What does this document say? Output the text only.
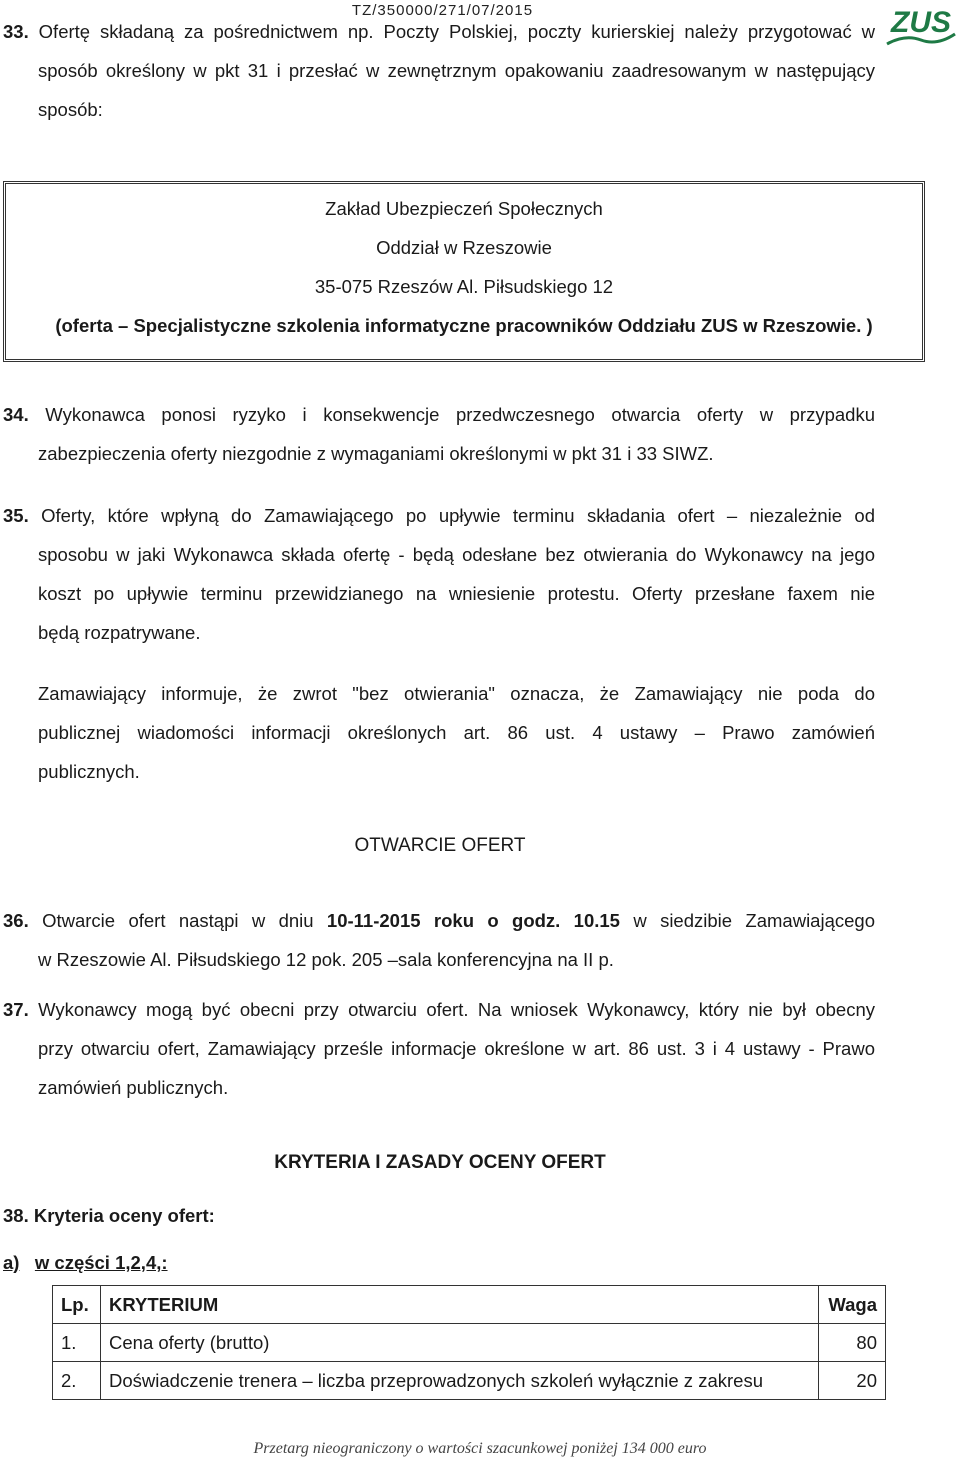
TZ/350000/271/07/2015	ZUS
33. Ofertę składaną za pośrednictwem np. Poczty Polskiej, poczty kurierskiej należy przygotować w
sposób określony w pkt 31 i przesłać w zewnętrznym opakowaniu zaadresowanym w następujący
sposób:
Zakład Ubezpieczeń Społecznych
Oddział w Rzeszowie
35-075 Rzeszów Al. Piłsudskiego 12
(oferta – Specjalistyczne szkolenia informatyczne pracowników Oddziału ZUS w Rzeszowie. )
34. Wykonawca ponosi ryzyko i konsekwencje przedwczesnego otwarcia oferty w przypadku
zabezpieczenia oferty niezgodnie z wymaganiami określonymi w pkt 31 i 33 SIWZ.
35. Oferty, które wpłyną do Zamawiającego po upływie terminu składania ofert – niezależnie od
sposobu w jaki Wykonawca składa ofertę - będą odesłane bez otwierania do Wykonawcy na jego
koszt po upływie terminu przewidzianego na wniesienie protestu. Oferty przesłane faxem nie
będą rozpatrywane.
Zamawiający informuje, że zwrot "bez otwierania" oznacza, że Zamawiający nie poda do
publicznej wiadomości informacji określonych art. 86 ust. 4 ustawy – Prawo zamówień
publicznych.
OTWARCIE OFERT
36. Otwarcie ofert nastąpi w dniu 10-11-2015 roku o godz. 10.15 w siedzibie Zamawiającego
w Rzeszowie Al. Piłsudskiego 12 pok. 205 –sala konferencyjna na II p.
37. Wykonawcy mogą być obecni przy otwarciu ofert. Na wniosek Wykonawcy, który nie był obecny
przy otwarciu ofert, Zamawiający prześle informacje określone w art. 86 ust. 3 i 4 ustawy - Prawo
zamówień publicznych.
KRYTERIA I ZASADY OCENY OFERT
38. Kryteria oceny ofert:
a) w części 1,2,4,:
Lp.	KRYTERIUM	Waga
1.	Cena oferty (brutto)	80
2.	Doświadczenie trenera – liczba przeprowadzonych szkoleń wyłącznie z zakresu	20
Przetarg nieograniczony o wartości szacunkowej poniżej 134 000 euro
